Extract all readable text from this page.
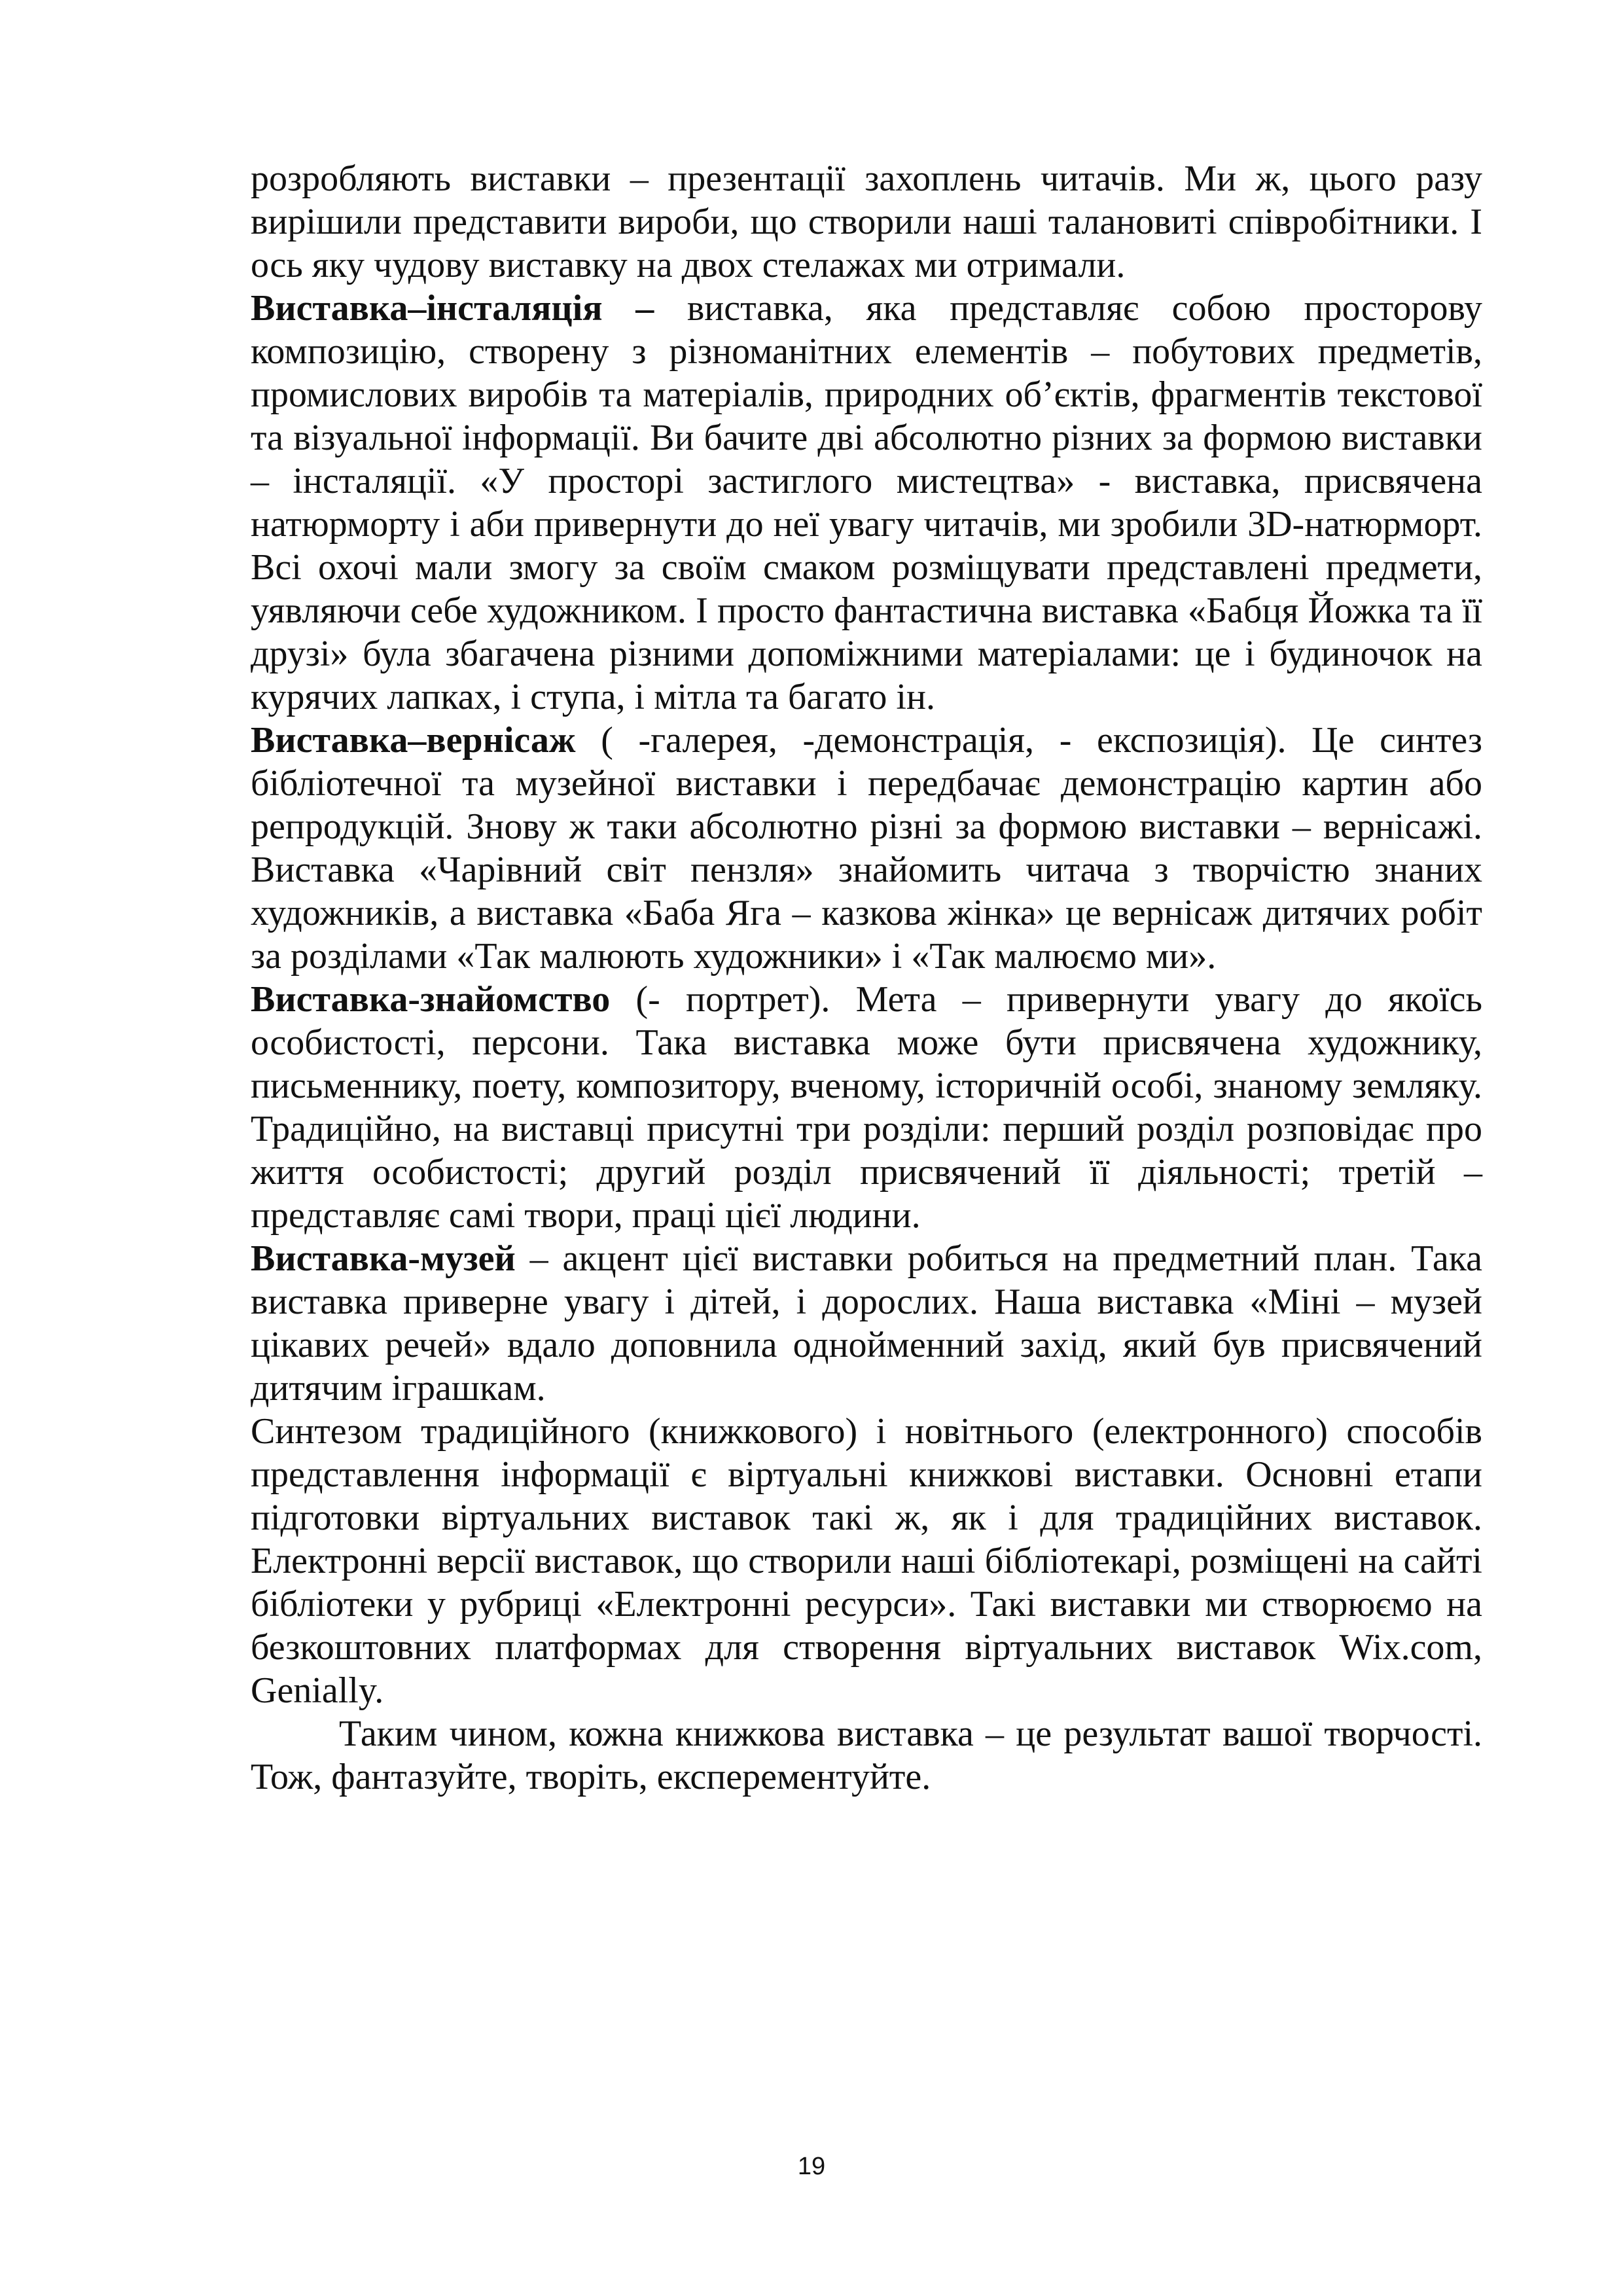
розробляють виставки – презентації захоплень читачів. Ми ж, цього разу вирішили представити вироби, що створили наші талановиті співробітники. І ось яку чудову виставку на двох стелажах ми отримали.

Виставка–інсталяція – виставка, яка представляє собою просторову композицію, створену з різноманітних елементів – побутових предметів, промислових виробів та матеріалів, природних об’єктів, фрагментів текстової та візуальної інформації. Ви бачите дві абсолютно різних за формою виставки – інсталяції. «У просторі застиглого мистецтва» - виставка, присвячена натюрморту і аби привернути до неї увагу читачів, ми зробили 3D-натюрморт. Всі охочі мали змогу за своїм смаком розміщувати представлені предмети, уявляючи себе художником. І просто фантастична виставка «Бабця Йожка та її друзі» була збагачена різними допоміжними матеріалами: це і будиночок на курячих лапках, і ступа, і мітла та багато ін.

Виставка–вернісаж ( -галерея, -демонстрація, - експозиція). Це синтез бібліотечної та музейної виставки і передбачає демонстрацію картин або репродукцій. Знову ж таки абсолютно різні за формою виставки – вернісажі. Виставка «Чарівний світ пензля» знайомить читача з творчістю знаних художників, а виставка «Баба Яга – казкова жінка» це вернісаж дитячих робіт за розділами «Так малюють художники» і «Так малюємо ми».

Виставка-знайомство (- портрет). Мета – привернути увагу до якоїсь особистості, персони. Така виставка може бути присвячена художнику, письменнику, поету, композитору, вченому, історичній особі, знаному земляку. Традиційно, на виставці присутні три розділи: перший розділ розповідає про життя особистості; другий розділ присвячений її діяльності; третій – представляє самі твори, праці цієї людини.

Виставка-музей – акцент цієї виставки робиться на предметний план. Така виставка приверне увагу і дітей, і дорослих. Наша виставка «Міні – музей цікавих речей» вдало доповнила однойменний захід, який був присвячений дитячим іграшкам.

Синтезом традиційного (книжкового) і новітнього (електронного) способів представлення інформації є віртуальні книжкові виставки. Основні етапи підготовки віртуальних виставок такі ж, як і для традиційних виставок. Електронні версії виставок, що створили наші бібліотекарі, розміщені на сайті бібліотеки у рубриці «Електронні ресурси». Такі виставки ми створюємо на безкоштовних платформах для створення віртуальних виставок Wix.com, Genially.

Таким чином, кожна книжкова виставка – це результат вашої творчості. Тож, фантазуйте, творіть, експерементуйте.

19
